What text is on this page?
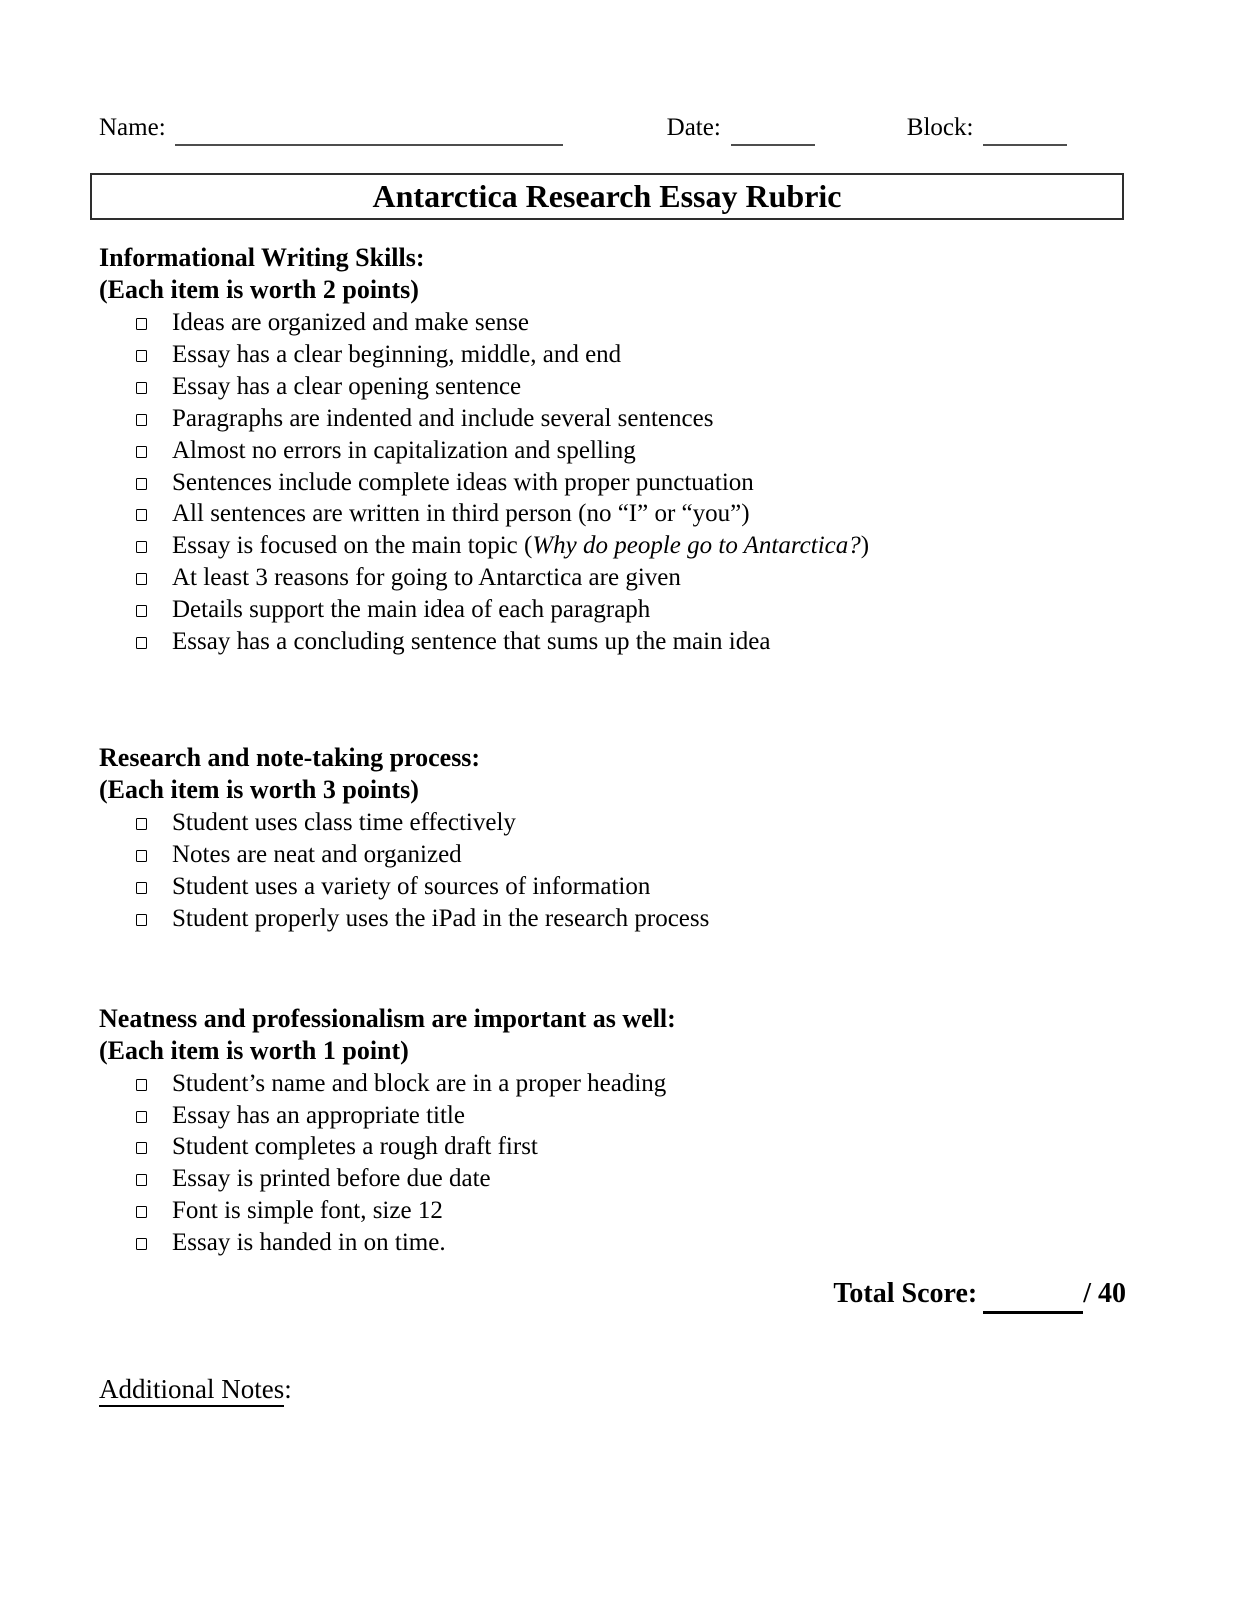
Name:
	Date:
	Block:

Antarctica Research Essay Rubric
Informational Writing Skills:
(Each item is worth 2 points)
Ideas are organized and make sense
Essay has a clear beginning, middle, and end
Essay has a clear opening sentence
Paragraphs are indented and include several sentences
Almost no errors in capitalization and spelling
Sentences include complete ideas with proper punctuation
All sentences are written in third person (no “I” or “you”)
Essay is focused on the main topic (Why do people go to Antarctica?)
At least 3 reasons for going to Antarctica are given
Details support the main idea of each paragraph
Essay has a concluding sentence that sums up the main idea
Research and note-taking process:
(Each item is worth 3 points)
Student uses class time effectively
Notes are neat and organized
Student uses a variety of sources of information
Student properly uses the iPad in the research process
Neatness and professionalism are important as well:
(Each item is worth 1 point)
Student’s name and block are in a proper heading
Essay has an appropriate title
Student completes a rough draft first
Essay is printed before due date
Font is simple font, size 12
Essay is handed in on time.
Total Score:	/ 40
Additional Notes:
